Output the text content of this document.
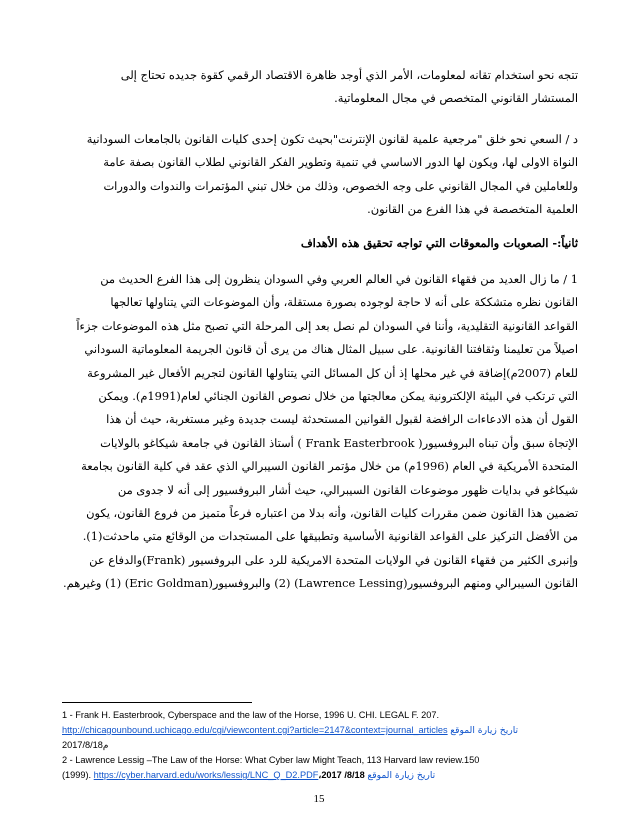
تتجه نحو استخدام تقانه لمعلومات، الأمر الذي أوجد ظاهرة الاقتصاد الرقمي كقوة جديده تحتاج إلى
المستشار القانوني المتخصص في مجال المعلوماتية.
د / السعي نحو خلق "مرجعية علمية لقانون الإنترنت"بحيث تكون إحدى كليات القانون بالجامعات السودانية
النواة الاولى لها، ويكون لها الدور الاساسي في تنمية وتطوير الفكر القانوني لطلاب القانون بصفة عامة
وللعاملين في المجال القانوني على وجه الخصوص، وذلك من خلال تبني المؤتمرات والندوات والدورات
العلمية المتخصصة في هذا الفرع من القانون.
ثانياً:- الصعوبات والمعوقات التي تواجه تحقيق هذه الأهداف
1 / ما زال العديد من فقهاء القانون في العالم العربي وفي السودان ينظرون إلى هذا الفرع الحديث من
القانون نظره متشككة على أنه لا حاجة لوجوده بصورة مستقلة، وأن الموضوعات التي يتناولها تعالجها
القواعد القانونية التقليدية، وأننا في السودان لم نصل بعد إلى المرحلة التي تصبح مثل هذه الموضوعات جزءاً
اصيلاً من تعليمنا وثقافتنا القانونية. على سبيل المثال هناك من يرى أن قانون الجريمة المعلوماتية السوداني
للعام (2007م)إضافة في غير محلها إذ أن كل المسائل التي يتناولها القانون لتجريم الأفعال غير المشروعة
التي ترتكب في البيئة الإلكترونية يمكن معالجتها من خلال نصوص القانون الجنائي لعام(1991م). ويمكن
القول أن هذه الادعاءات الرافضة لقبول القوانين المستحدثة ليست جديدة وغير مستغربة، حيث أن هذا
الإتجاة سبق وأن تبناه البروفسيور( Frank Easterbrook ) أستاذ القانون في جامعة شيكاغو بالولايات
المتحدة الأمريكية في العام (1996م) من خلال مؤتمر القانون السيبرالي الذي عقد في كلية القانون بجامعة
شيكاغو في بدايات ظهور موضوعات القانون السيبرالي، حيث أشار البروفسيور إلى أنه لا جدوى من
تضمين هذا القانون ضمن مقررات كليات القانون، وأنه بدلا من اعتباره فرعاً متميز من فروع القانون، يكون
من الأفضل التركيز على القواعد القانونية الأساسية وتطبيقها على المستجدات من الوقائع متي ماحدثت(1).
وإنبرى الكثير من فقهاء القانون في الولايات المتحدة الامريكية للرد على البروفسيور (Frank)والدفاع عن
القانون السيبرالي ومنهم البروفسيور(Lawrence Lessing) (2) والبروفسيور(Eric Goldman) (1) وغيرهم.
1 - Frank H. Easterbrook, Cyberspace and the law of the Horse, 1996 U. CHI. LEGAL F. 207.
http://chicagounbound.uchicago.edu/cgi/viewcontent.cgi?article=2147&context=journal_articles تاريخ زيارة الموقع
2017/8/18م
2 - Lawrence Lessig –The Law of the Horse: What Cyber law Might Teach, 113 Harvard law review.150
(1999). https://cyber.harvard.edu/works/lessig/LNC_Q_D2.PDF،2017 /8/18 تاريخ زيارة الموقع
15
